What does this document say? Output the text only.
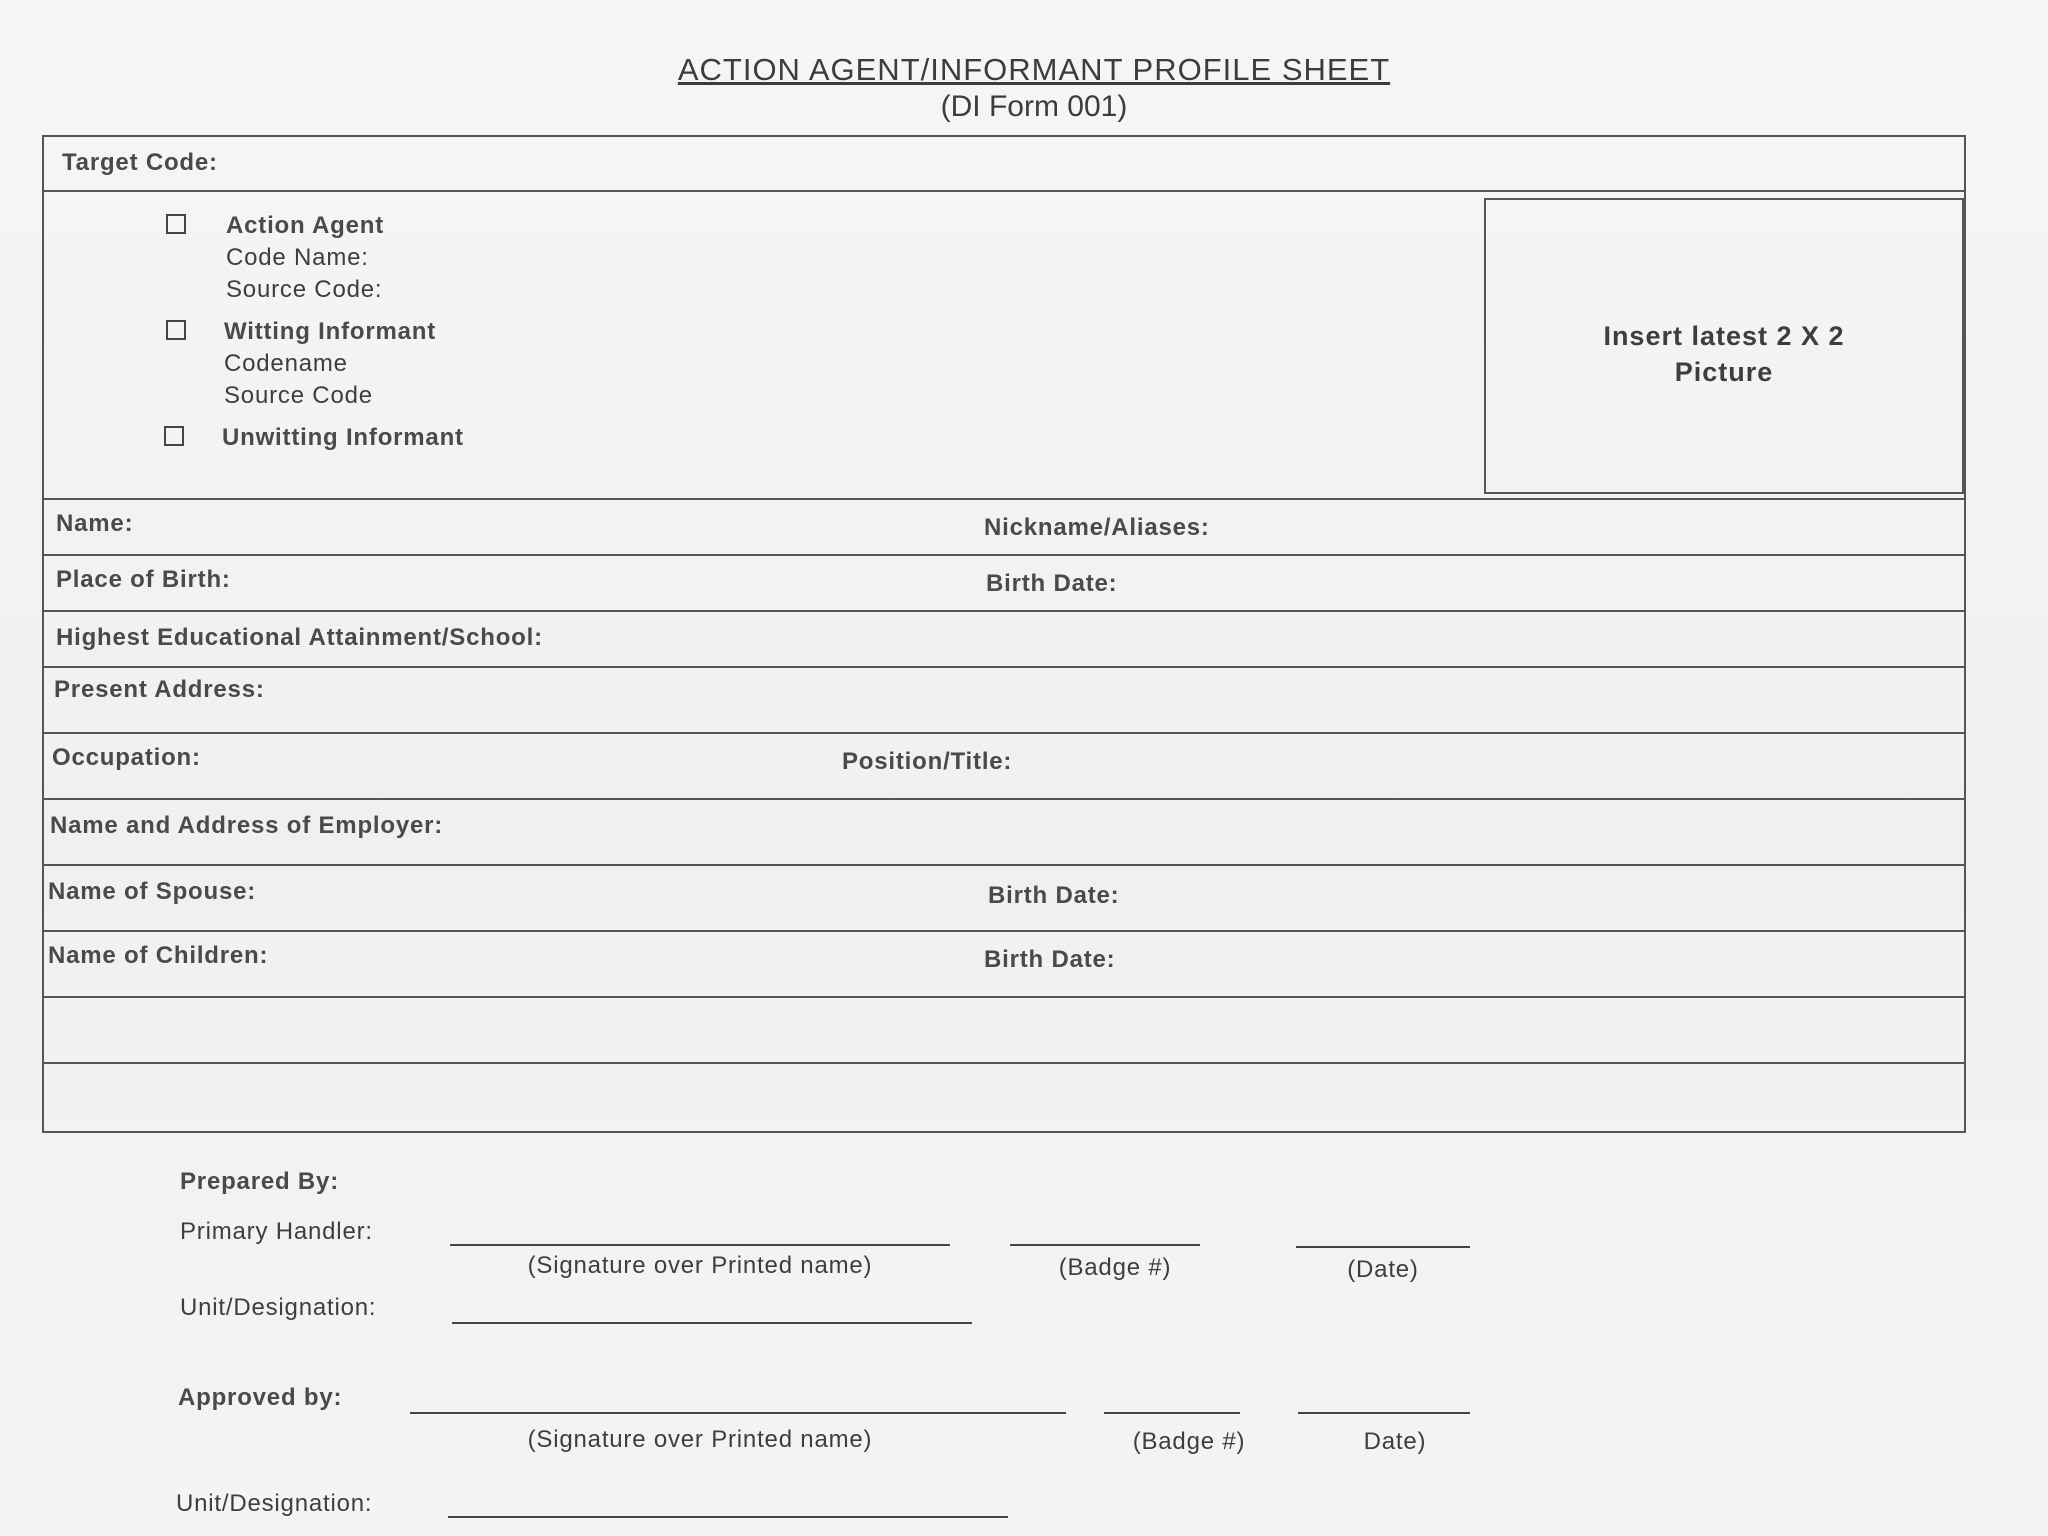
ACTION AGENT/INFORMANT PROFILE SHEET
(DI Form 001)
Target Code:
Action Agent
Code Name:
Source Code:
Witting Informant
Codename
Source Code
Unwitting Informant
Insert latest 2 X 2
Picture
Name:	Nickname/Aliases:
Place of Birth:	Birth Date:
Highest Educational Attainment/School:
Present Address:
Occupation:	Position/Title:
Name and Address of Employer:
Name of Spouse:	Birth Date:
Name of Children:	Birth Date:
Prepared By:
Primary Handler:
(Signature over Printed name)	(Badge #)	(Date)
Unit/Designation:
Approved by:
(Signature over Printed name)	(Badge #)	Date)
Unit/Designation:
